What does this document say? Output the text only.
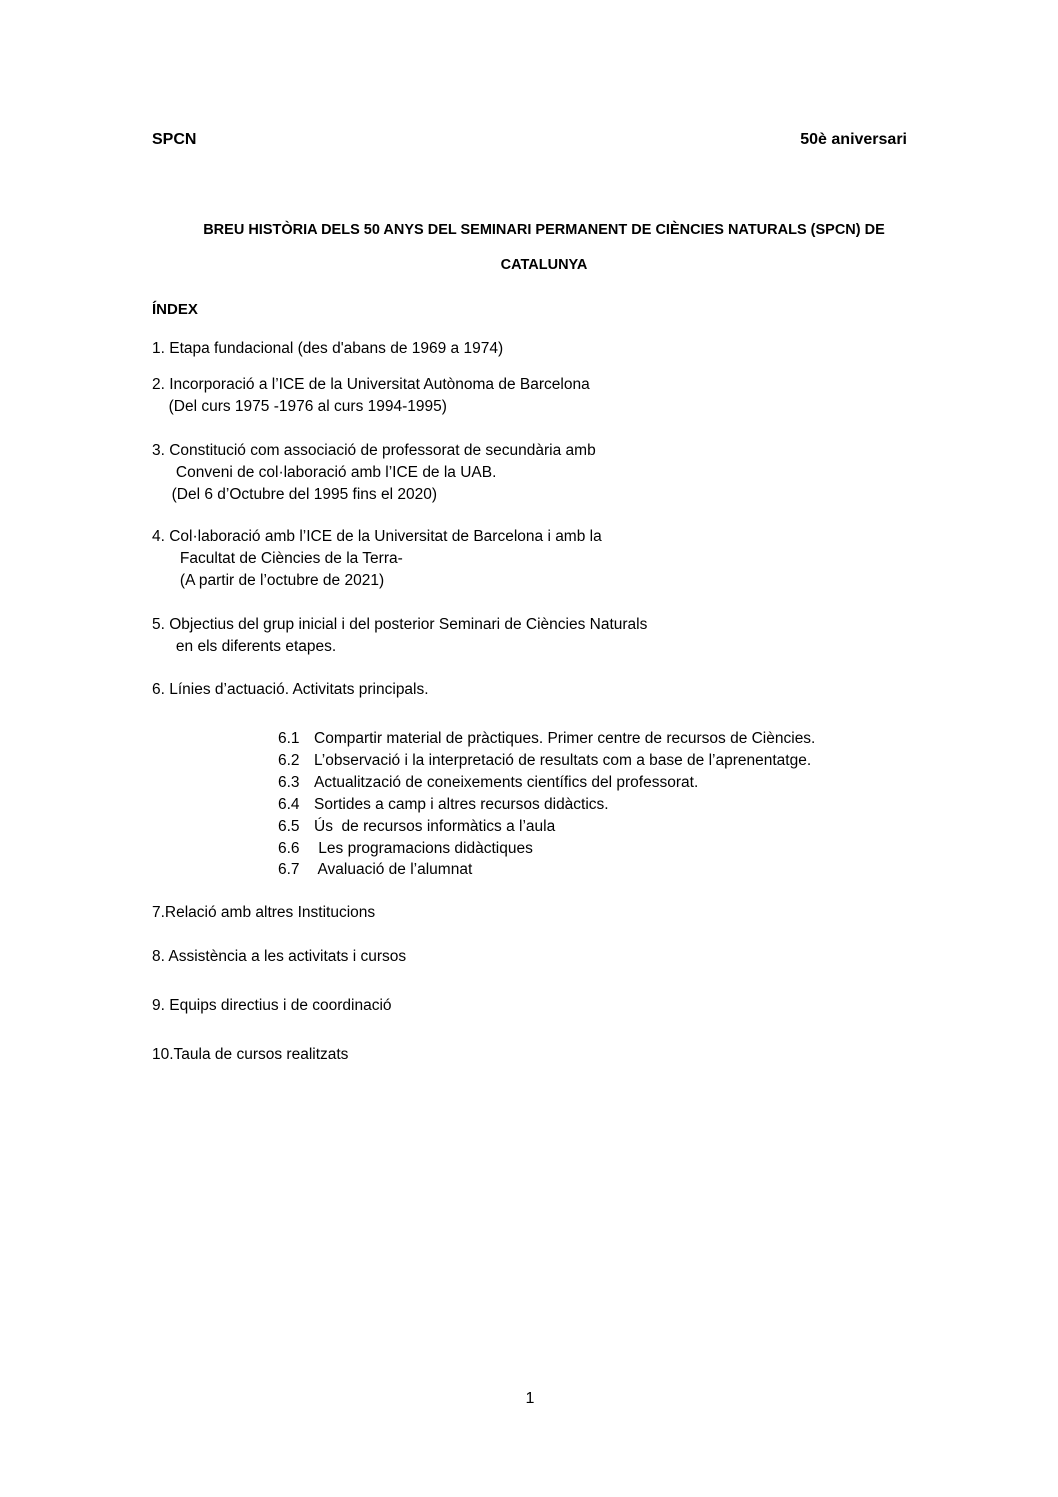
SPCN	50è aniversari
BREU HISTÒRIA DELS 50 ANYS DEL SEMINARI PERMANENT DE CIÈNCIES NATURALS (SPCN) DE
CATALUNYA
ÍNDEX
1. Etapa fundacional (des d'abans de 1969 a 1974)
2. Incorporació a l’ICE de la Universitat Autònoma de Barcelona
(Del curs 1975 -1976 al curs 1994-1995)
3. Constitució com associació de professorat de secundària amb
Conveni de col·laboració amb l’ICE de la UAB.
(Del 6 d’Octubre del 1995 fins el 2020)
4. Col·laboració amb l’ICE de la Universitat de Barcelona i amb la
Facultat de Ciències de la Terra-
(A partir de l’octubre de 2021)
5. Objectius del grup inicial i del posterior Seminari de Ciències Naturals
en els diferents etapes.
6. Línies d’actuació. Activitats principals.
6.1 Compartir material de pràctiques. Primer centre de recursos de Ciències.
6.2 L’observació i la interpretació de resultats com a base de l’aprenentatge.
6.3 Actualització de coneixements científics del professorat.
6.4 Sortides a camp i altres recursos didàctics.
6.5 Ús  de recursos informàtics a l’aula
6.6 Les programacions didàctiques
6.7 Avaluació de l’alumnat
7.Relació amb altres Institucions
8. Assistència a les activitats i cursos
9. Equips directius i de coordinació
10.Taula de cursos realitzats
1
